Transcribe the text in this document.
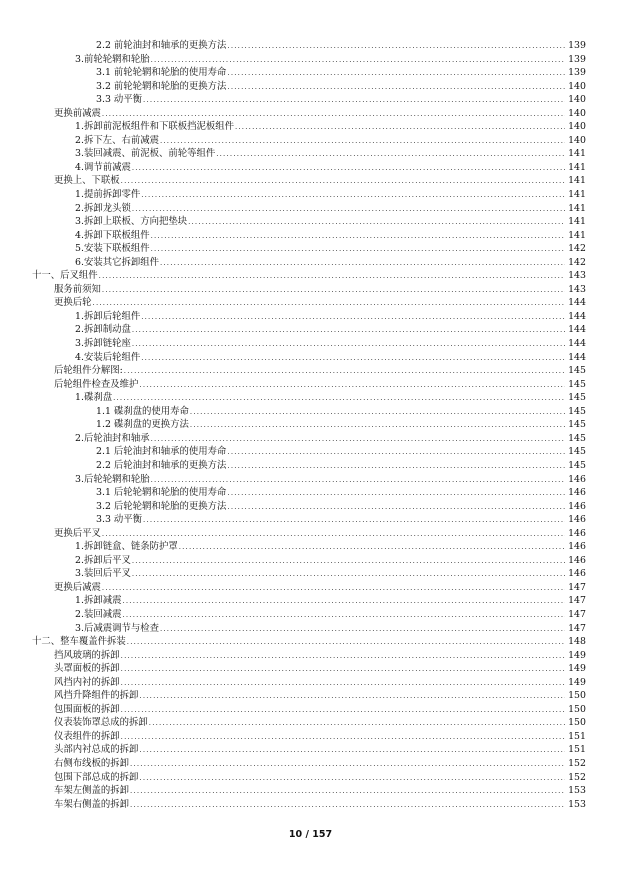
2.2 前轮油封和轴承的更换方法 .....	139
3.前轮轮辋和轮胎 .....	139
3.1 前轮轮辋和轮胎的使用寿命 .....	139
3.2 前轮轮辋和轮胎的更换方法 .....	140
3.3 动平衡 .....	140
更换前减震 .....	140
1.拆卸前泥板组件和下联板挡泥板组件 .....	140
2.拆下左、右前减震 .....	140
3.装回减震、前泥板、前轮等组件 .....	141
4.调节前减震 .....	141
更换上、下联板 .....	141
1.提前拆卸零件 .....	141
2.拆卸龙头锁 .....	141
3.拆卸上联板、方向把垫块 .....	141
4.拆卸下联板组件 .....	141
5.安装下联板组件 .....	142
6.安装其它拆卸组件 .....	142
十一、后叉组件 .....	143
服务前须知 .....	143
更换后轮 .....	144
1.拆卸后轮组件 .....	144
2.拆卸制动盘 .....	144
3.拆卸链轮座 .....	144
4.安装后轮组件 .....	144
后轮组件分解图: .....	145
后轮组件检查及维护 .....	145
1.碟刹盘 .....	145
1.1 碟刹盘的使用寿命 .....	145
1.2 碟刹盘的更换方法 .....	145
2.后轮油封和轴承 .....	145
2.1 后轮油封和轴承的使用寿命 .....	145
2.2 后轮油封和轴承的更换方法 .....	145
3.后轮轮辋和轮胎 .....	146
3.1 后轮轮辋和轮胎的使用寿命 .....	146
3.2 后轮轮辋和轮胎的更换方法 .....	146
3.3 动平衡 .....	146
更换后平叉 .....	146
1.拆卸链盒、链条防护罩 .....	146
2.拆卸后平叉 .....	146
3.装回后平叉 .....	146
更换后减震 .....	147
1.拆卸减震 .....	147
2.装回减震 .....	147
3.后减震调节与检查 .....	147
十二、整车覆盖件拆装 .....	148
挡风玻璃的拆卸 .....	149
头罩面板的拆卸 .....	149
风挡内衬的拆卸 .....	149
风挡升降组件的拆卸 .....	150
包围面板的拆卸 .....	150
仪表装饰罩总成的拆卸 .....	150
仪表组件的拆卸 .....	151
头部内衬总成的拆卸 .....	151
右侧布线板的拆卸 .....	152
包围下部总成的拆卸 .....	152
车架左侧盖的拆卸 .....	153
车架右侧盖的拆卸 .....	153
10 / 157
